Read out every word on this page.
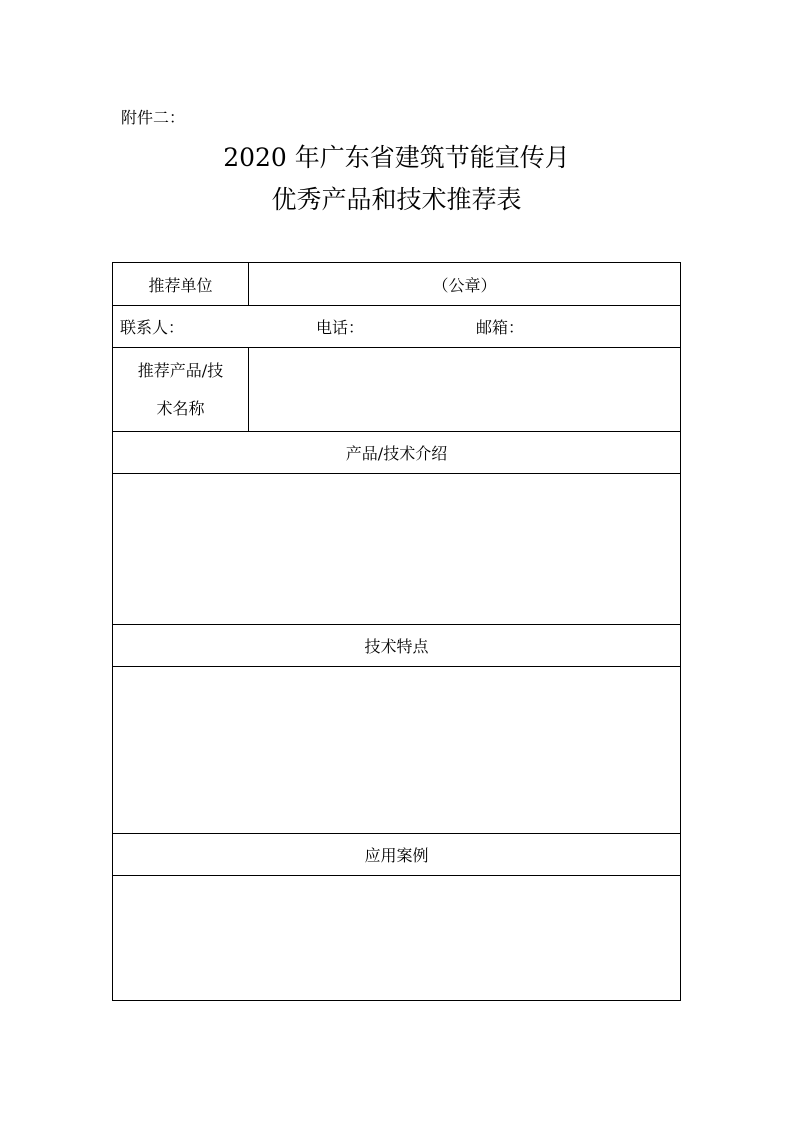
附件二：
2020 年广东省建筑节能宣传月
优秀产品和技术推荐表
推荐单位	（公章）
联系人：	电话：	邮箱：
推荐产品/技
术名称
产品/技术介绍
技术特点
应用案例
